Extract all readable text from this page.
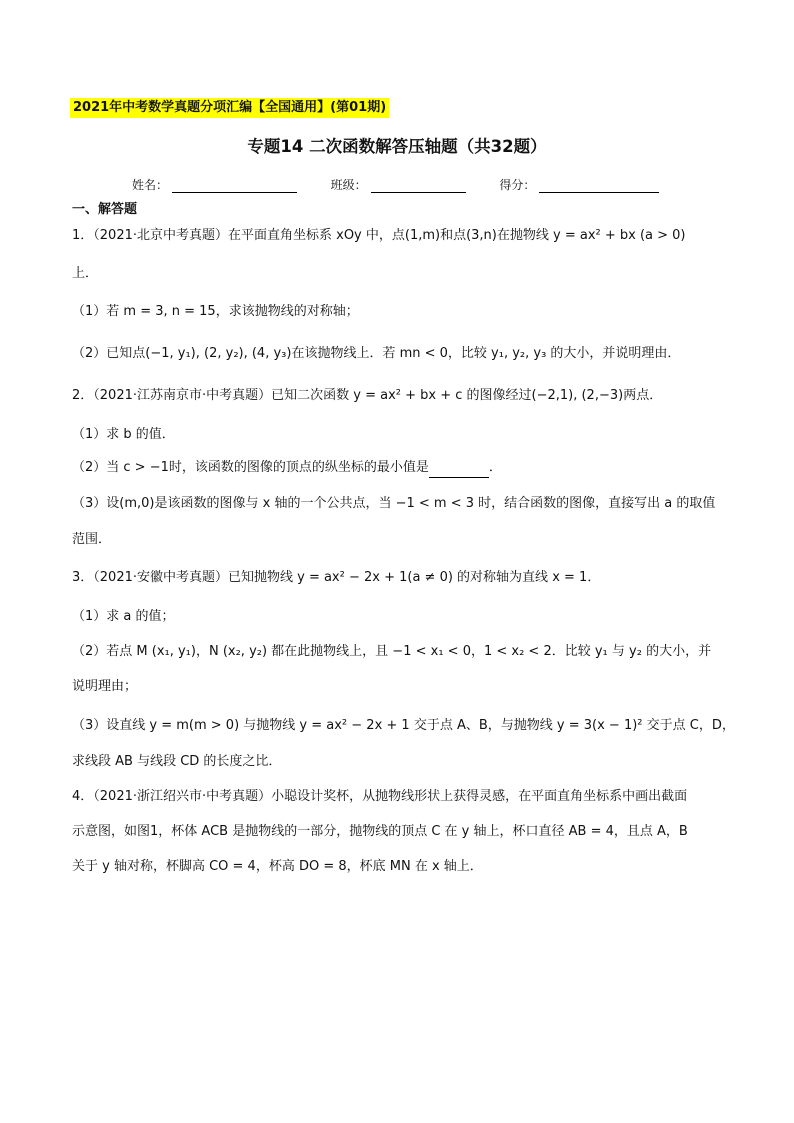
2021年中考数学真题分项汇编【全国通用】(第01期)
专题14 二次函数解答压轴题（共32题）
姓名：	班级：	得分：
一、解答题
1．（2021·北京中考真题）在平面直角坐标系 xOy 中，点(1,m)和点(3,n)在抛物线 y = ax² + bx (a > 0)
上．
（1）若 m = 3, n = 15，求该抛物线的对称轴；
（2）已知点(−1, y₁), (2, y₂), (4, y₃)在该抛物线上．若 mn < 0，比较 y₁, y₂, y₃ 的大小，并说明理由．
2．（2021·江苏南京市·中考真题）已知二次函数 y = ax² + bx + c 的图像经过(−2,1), (2,−3)两点．
（1）求 b 的值．
（2）当 c > −1时，该函数的图像的顶点的纵坐标的最小值是	．
（3）设(m,0)是该函数的图像与 x 轴的一个公共点，当 −1 < m < 3 时，结合函数的图像，直接写出 a 的取值
范围．
3．（2021·安徽中考真题）已知抛物线 y = ax² − 2x + 1(a ≠ 0) 的对称轴为直线 x = 1．
（1）求 a 的值；
（2）若点 M (x₁, y₁)，N (x₂, y₂) 都在此抛物线上，且 −1 < x₁ < 0，1 < x₂ < 2．比较 y₁ 与 y₂ 的大小，并
说明理由；
（3）设直线 y = m(m > 0) 与抛物线 y = ax² − 2x + 1 交于点 A、B，与抛物线 y = 3(x − 1)² 交于点 C，D，
求线段 AB 与线段 CD 的长度之比．
4．（2021·浙江绍兴市·中考真题）小聪设计奖杯，从抛物线形状上获得灵感，在平面直角坐标系中画出截面
示意图，如图1，杯体 ACB 是抛物线的一部分，抛物线的顶点 C 在 y 轴上，杯口直径 AB = 4，且点 A，B
关于 y 轴对称，杯脚高 CO = 4，杯高 DO = 8，杯底 MN 在 x 轴上．
